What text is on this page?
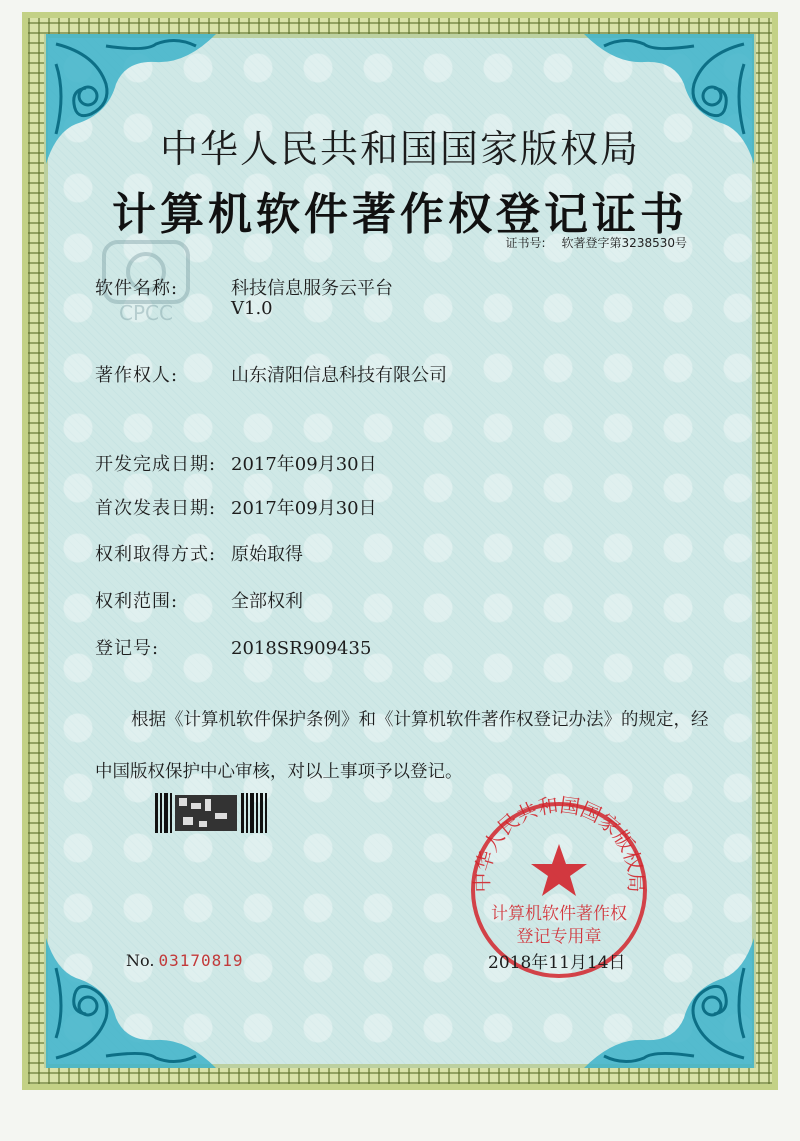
CPCC
中华人民共和国国家版权局
计算机软件著作权登记证书
证书号: 软著登字第3238530号
软件名称:	科技信息服务云平台
V1.0
著作权人:	山东清阳信息科技有限公司
开发完成日期: 2017年09月30日
首次发表日期: 2017年09月30日
权利取得方式: 原始取得
权利范围:	全部权利
登记号:	2018SR909435
根据《计算机软件保护条例》和《计算机软件著作权登记办法》的规定，经中国版权保护中心审核，对以上事项予以登记。
中华人民共和国国家版权局
计算机软件著作权
登记专用章
No. 03170819	2018年11月14日
